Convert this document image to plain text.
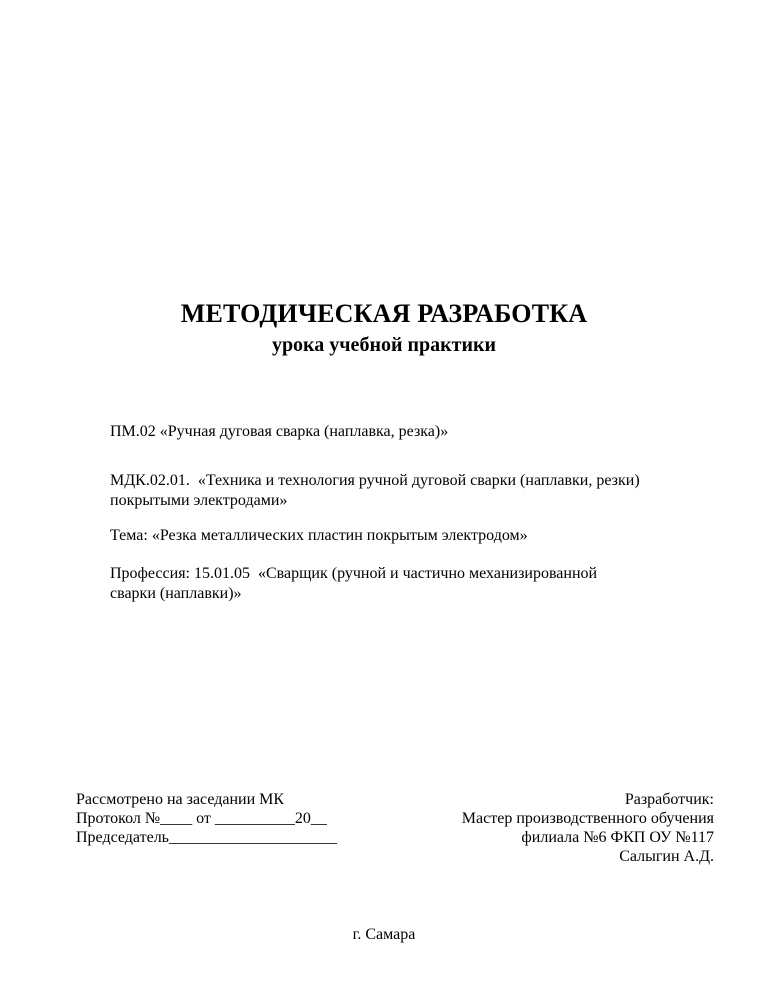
МЕТОДИЧЕСКАЯ РАЗРАБОТКА
урока учебной практики

ПМ.02 «Ручная дуговая сварка (наплавка, резка)»

МДК.02.01.  «Техника и технология ручной дуговой сварки (наплавки, резки)

покрытыми электродами»

Тема: «Резка металлических пластин покрытым электродом»

Профессия: 15.01.05  «Сварщик (ручной и частично механизированной

сварки (наплавки)»

Рассмотрено на заседании МК

Протокол №____ от __________20__

Председатель_____________________

Разработчик:

Мастер производственного обучения

филиала №6 ФКП ОУ №117

Салыгин А.Д.

г. Самара
